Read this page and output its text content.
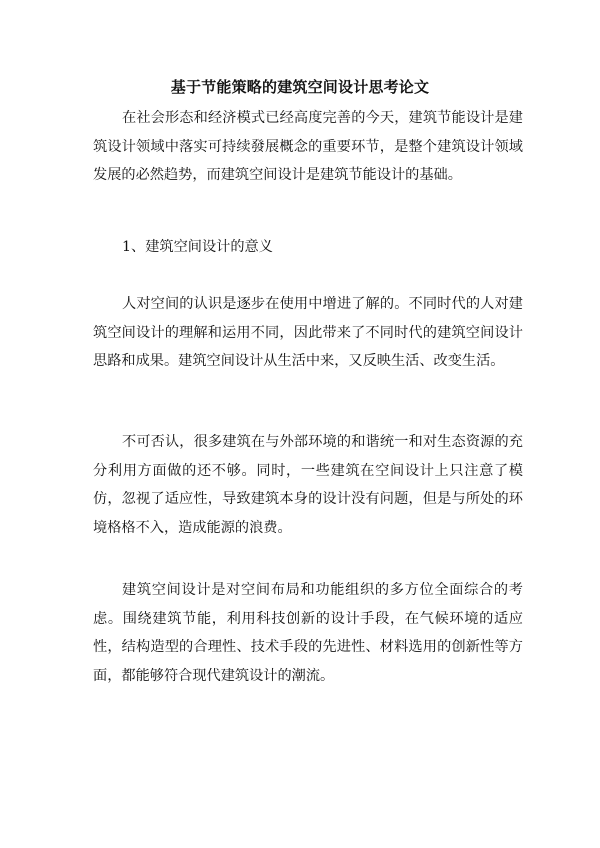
基于节能策略的建筑空间设计思考论文

在社会形态和经济模式已经高度完善的今天，建筑节能设计是建筑设计领域中落实可持续發展概念的重要环节，是整个建筑设计领域发展的必然趋势，而建筑空间设计是建筑节能设计的基础。

1、建筑空间设计的意义

人对空间的认识是逐步在使用中增进了解的。不同时代的人对建筑空间设计的理解和运用不同，因此带来了不同时代的建筑空间设计思路和成果。建筑空间设计从生活中来，又反映生活、改变生活。

不可否认，很多建筑在与外部环境的和谐统一和对生态资源的充分利用方面做的还不够。同时，一些建筑在空间设计上只注意了模仿，忽视了适应性，导致建筑本身的设计没有问题，但是与所处的环境格格不入，造成能源的浪费。

建筑空间设计是对空间布局和功能组织的多方位全面综合的考虑。围绕建筑节能，利用科技创新的设计手段，在气候环境的适应性，结构造型的合理性、技术手段的先进性、材料选用的创新性等方面，都能够符合现代建筑设计的潮流。
